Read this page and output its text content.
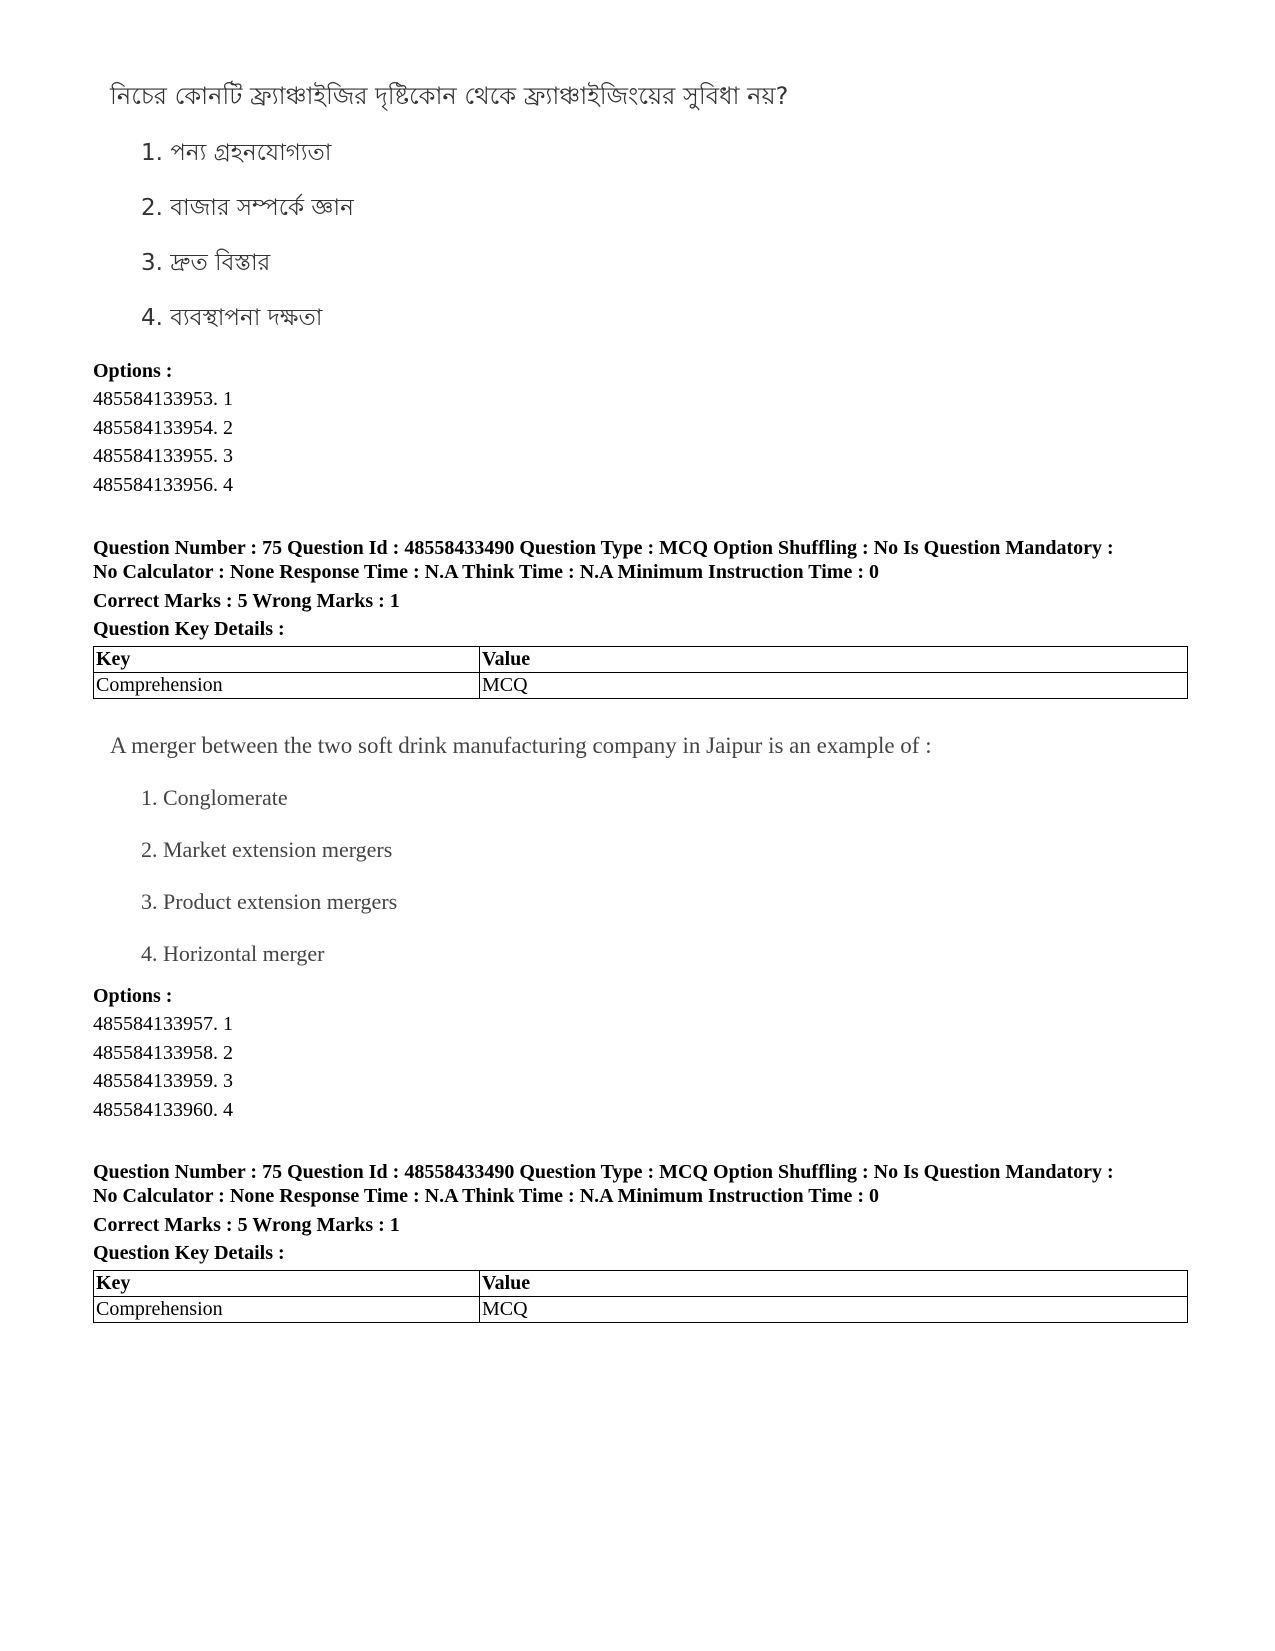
নিচের কোনটি ফ্র্যাঞ্চাইজির দৃষ্টিকোন থেকে ফ্র্যাঞ্চাইজিংয়ের সুবিধা নয়?
1. পন্য গ্রহনযোগ্যতা
2. বাজার সম্পর্কে জ্ঞান
3. দ্রুত বিস্তার
4. ব্যবস্থাপনা দক্ষতা
Options :
485584133953. 1
485584133954. 2
485584133955. 3
485584133956. 4
Question Number : 75 Question Id : 48558433490 Question Type : MCQ Option Shuffling : No Is Question Mandatory :
No Calculator : None Response Time : N.A Think Time : N.A Minimum Instruction Time : 0
Correct Marks : 5 Wrong Marks : 1
Question Key Details :
Key	Value
Comprehension	MCQ
A merger between the two soft drink manufacturing company in Jaipur is an example of :
1. Conglomerate
2. Market extension mergers
3. Product extension mergers
4. Horizontal merger
Options :
485584133957. 1
485584133958. 2
485584133959. 3
485584133960. 4
Question Number : 75 Question Id : 48558433490 Question Type : MCQ Option Shuffling : No Is Question Mandatory :
No Calculator : None Response Time : N.A Think Time : N.A Minimum Instruction Time : 0
Correct Marks : 5 Wrong Marks : 1
Question Key Details :
Key	Value
Comprehension	MCQ
